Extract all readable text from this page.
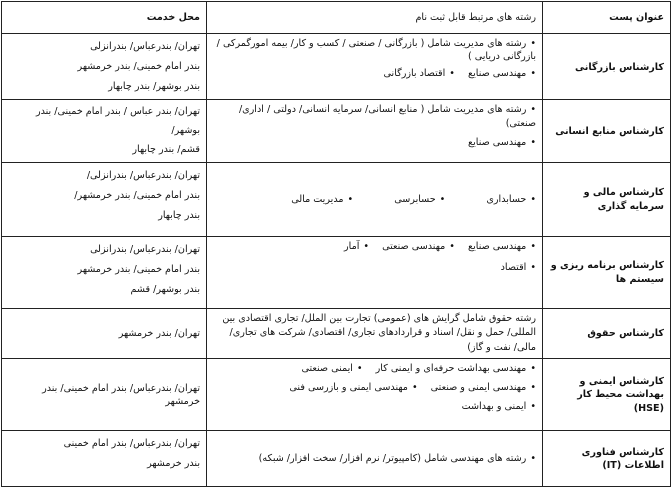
عنوان پست	رشته های مرتبط قابل ثبت نام	محل خدمت
کارشناس بازرگانی	•رشته های مدیریت شامل ( بازرگانی / صنعتی / کسب و کار/ بیمه امورگمرکی / بازرگانی دریایی )
•مهندسی صنایع •اقتصاد بازرگانی	تهران/ بندرعباس/ بندرانزلی
بندر امام خمینی/ بندر خرمشهر
بندر بوشهر/ بندر چابهار

کارشناس منابع انسانی	•رشته های مدیریت شامل ( منابع انسانی/ سرمایه انسانی/ دولتی / اداری/ صنعتی)
•مهندسی صنایع	تهران/ بندر عباس / بندر امام خمینی/ بندر بوشهر/
قشم/ بندر چابهار

کارشناس مالی و سرمایه گذاری	•حسابداری •حسابرسی •مدیریت مالی	تهران/ بندرعباس/ بندرانزلی/
بندر امام خمینی/ بندر خرمشهر/
بندر چابهار

کارشناس برنامه ریزی و سیستم ها	•مهندسی صنایع •مهندسی صنعتی •آمار
•اقتصاد	تهران/ بندرعباس/ بندرانزلی
بندر امام خمینی/ بندر خرمشهر
بندر بوشهر/ قشم

کارشناس حقوق	رشته حقوق شامل گرایش های (عمومی) تجارت بین الملل/ تجاری اقتصادی بین المللی/ حمل و نقل/ اسناد و قراردادهای تجاری/ اقتصادی/ شرکت های تجاری/ مالی/ نفت و گاز)	تهران/ بندر خرمشهر

کارشناس ایمنی و بهداشت محیط کار (HSE)	•مهندسی بهداشت حرفه‌ای و ایمنی کار •ایمنی صنعتی
•مهندسی ایمنی و صنعتی •مهندسی ایمنی و بازرسی فنی
•ایمنی و بهداشت	تهران/ بندرعباس/ بندر امام خمینی/ بندر خرمشهر

کارشناس فناوری اطلاعات (IT)	•رشته های مهندسی شامل (کامپیوتر/ نرم افزار/ سخت افزار/ شبکه)	تهران/ بندرعباس/ بندر امام خمینی
بندر خرمشهر
